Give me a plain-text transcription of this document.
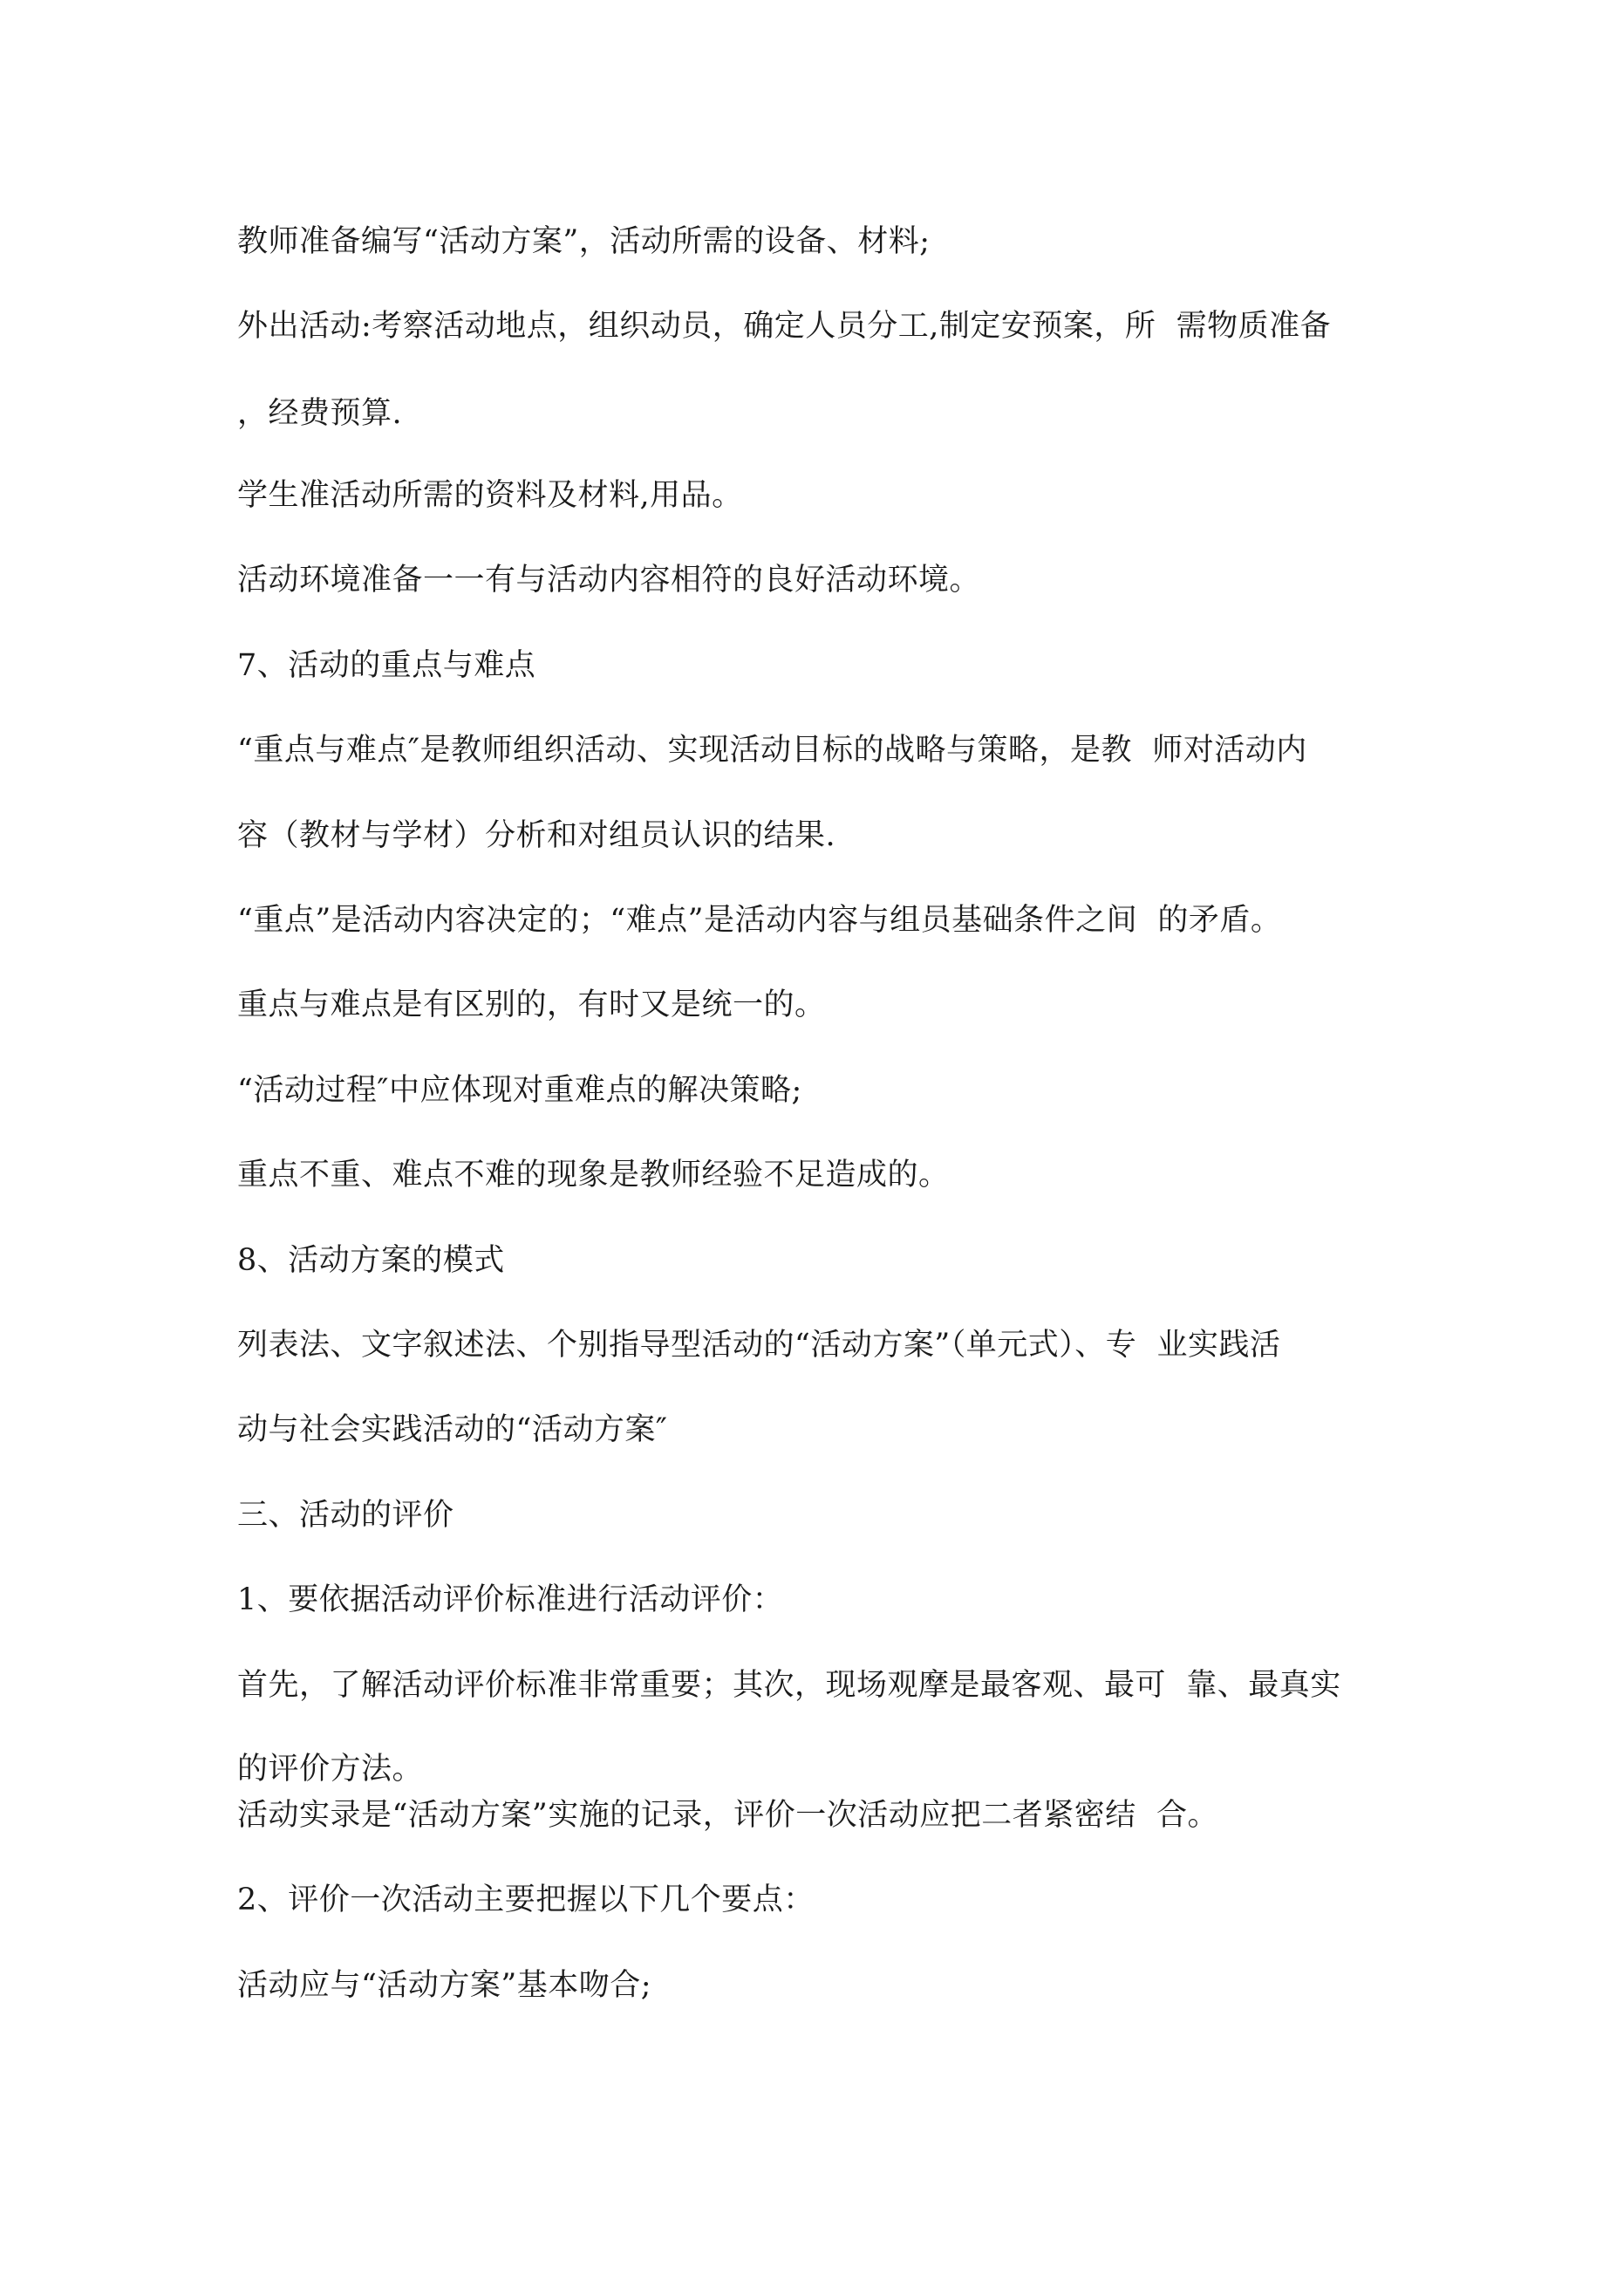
教师准备编写“活动方案”，活动所需的设备、材料;
外出活动:考察活动地点，组织动员，确定人员分工,制定安预案，所  需物质准备
，经费预算.
学生准活动所需的资料及材料,用品。
活动环境准备一一有与活动内容相符的良好活动环境。
7、活动的重点与难点
“重点与难点″是教师组织活动、实现活动目标的战略与策略，是教  师对活动内
容（教材与学材）分析和对组员认识的结果.
“重点”是活动内容决定的；“难点”是活动内容与组员基础条件之间  的矛盾。
重点与难点是有区别的，有时又是统一的。
“活动过程″中应体现对重难点的解决策略;
重点不重、难点不难的现象是教师经验不足造成的。
8、活动方案的模式
列表法、文字叙述法、个别指导型活动的“活动方案”（单元式）、专  业实践活
动与社会实践活动的“活动方案″
三、活动的评价
1、要依据活动评价标准进行活动评价：
首先，了解活动评价标准非常重要；其次，现场观摩是最客观、最可  靠、最真实
的评价方法。
活动实录是“活动方案”实施的记录，评价一次活动应把二者紧密结  合。
2、评价一次活动主要把握以下几个要点：
活动应与“活动方案”基本吻合;
